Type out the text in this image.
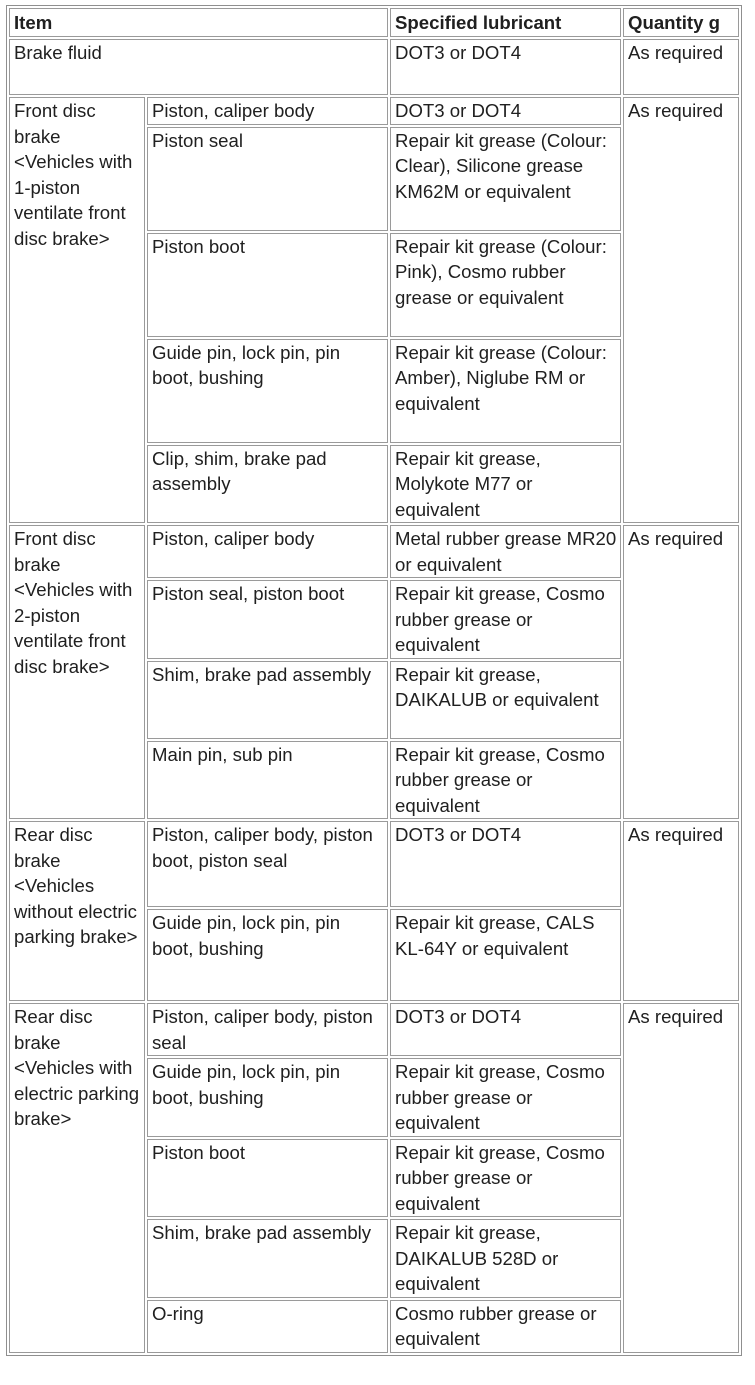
Item		Specified lubricant	Quantity g
Brake fluid		DOT3 or DOT4	As required
Front disc brake <Vehicles with 1-piston ventilate front disc brake>	Piston, caliper body	DOT3 or DOT4	As required
	Piston seal	Repair kit grease (Colour: Clear), Silicone grease KM62M or equivalent	
	Piston boot	Repair kit grease (Colour: Pink), Cosmo rubber grease or equivalent	
	Guide pin, lock pin, pin boot, bushing	Repair kit grease (Colour: Amber), Niglube RM or equivalent	
	Clip, shim, brake pad assembly	Repair kit grease, Molykote M77 or equivalent	
Front disc brake <Vehicles with 2-piston ventilate front disc brake>	Piston, caliper body	Metal rubber grease MR20 or equivalent	As required
	Piston seal, piston boot	Repair kit grease, Cosmo rubber grease or equivalent	
	Shim, brake pad assembly	Repair kit grease, DAIKALUB or equivalent	
	Main pin, sub pin	Repair kit grease, Cosmo rubber grease or equivalent	
Rear disc brake <Vehicles without electric parking brake>	Piston, caliper body, piston boot, piston seal	DOT3 or DOT4	As required
	Guide pin, lock pin, pin boot, bushing	Repair kit grease, CALS KL-64Y or equivalent	
Rear disc brake <Vehicles with electric parking brake>	Piston, caliper body, piston seal	DOT3 or DOT4	As required
	Guide pin, lock pin, pin boot, bushing	Repair kit grease, Cosmo rubber grease or equivalent	
	Piston boot	Repair kit grease, Cosmo rubber grease or equivalent	
	Shim, brake pad assembly	Repair kit grease, DAIKALUB 528D or equivalent	
	O-ring	Cosmo rubber grease or equivalent	
